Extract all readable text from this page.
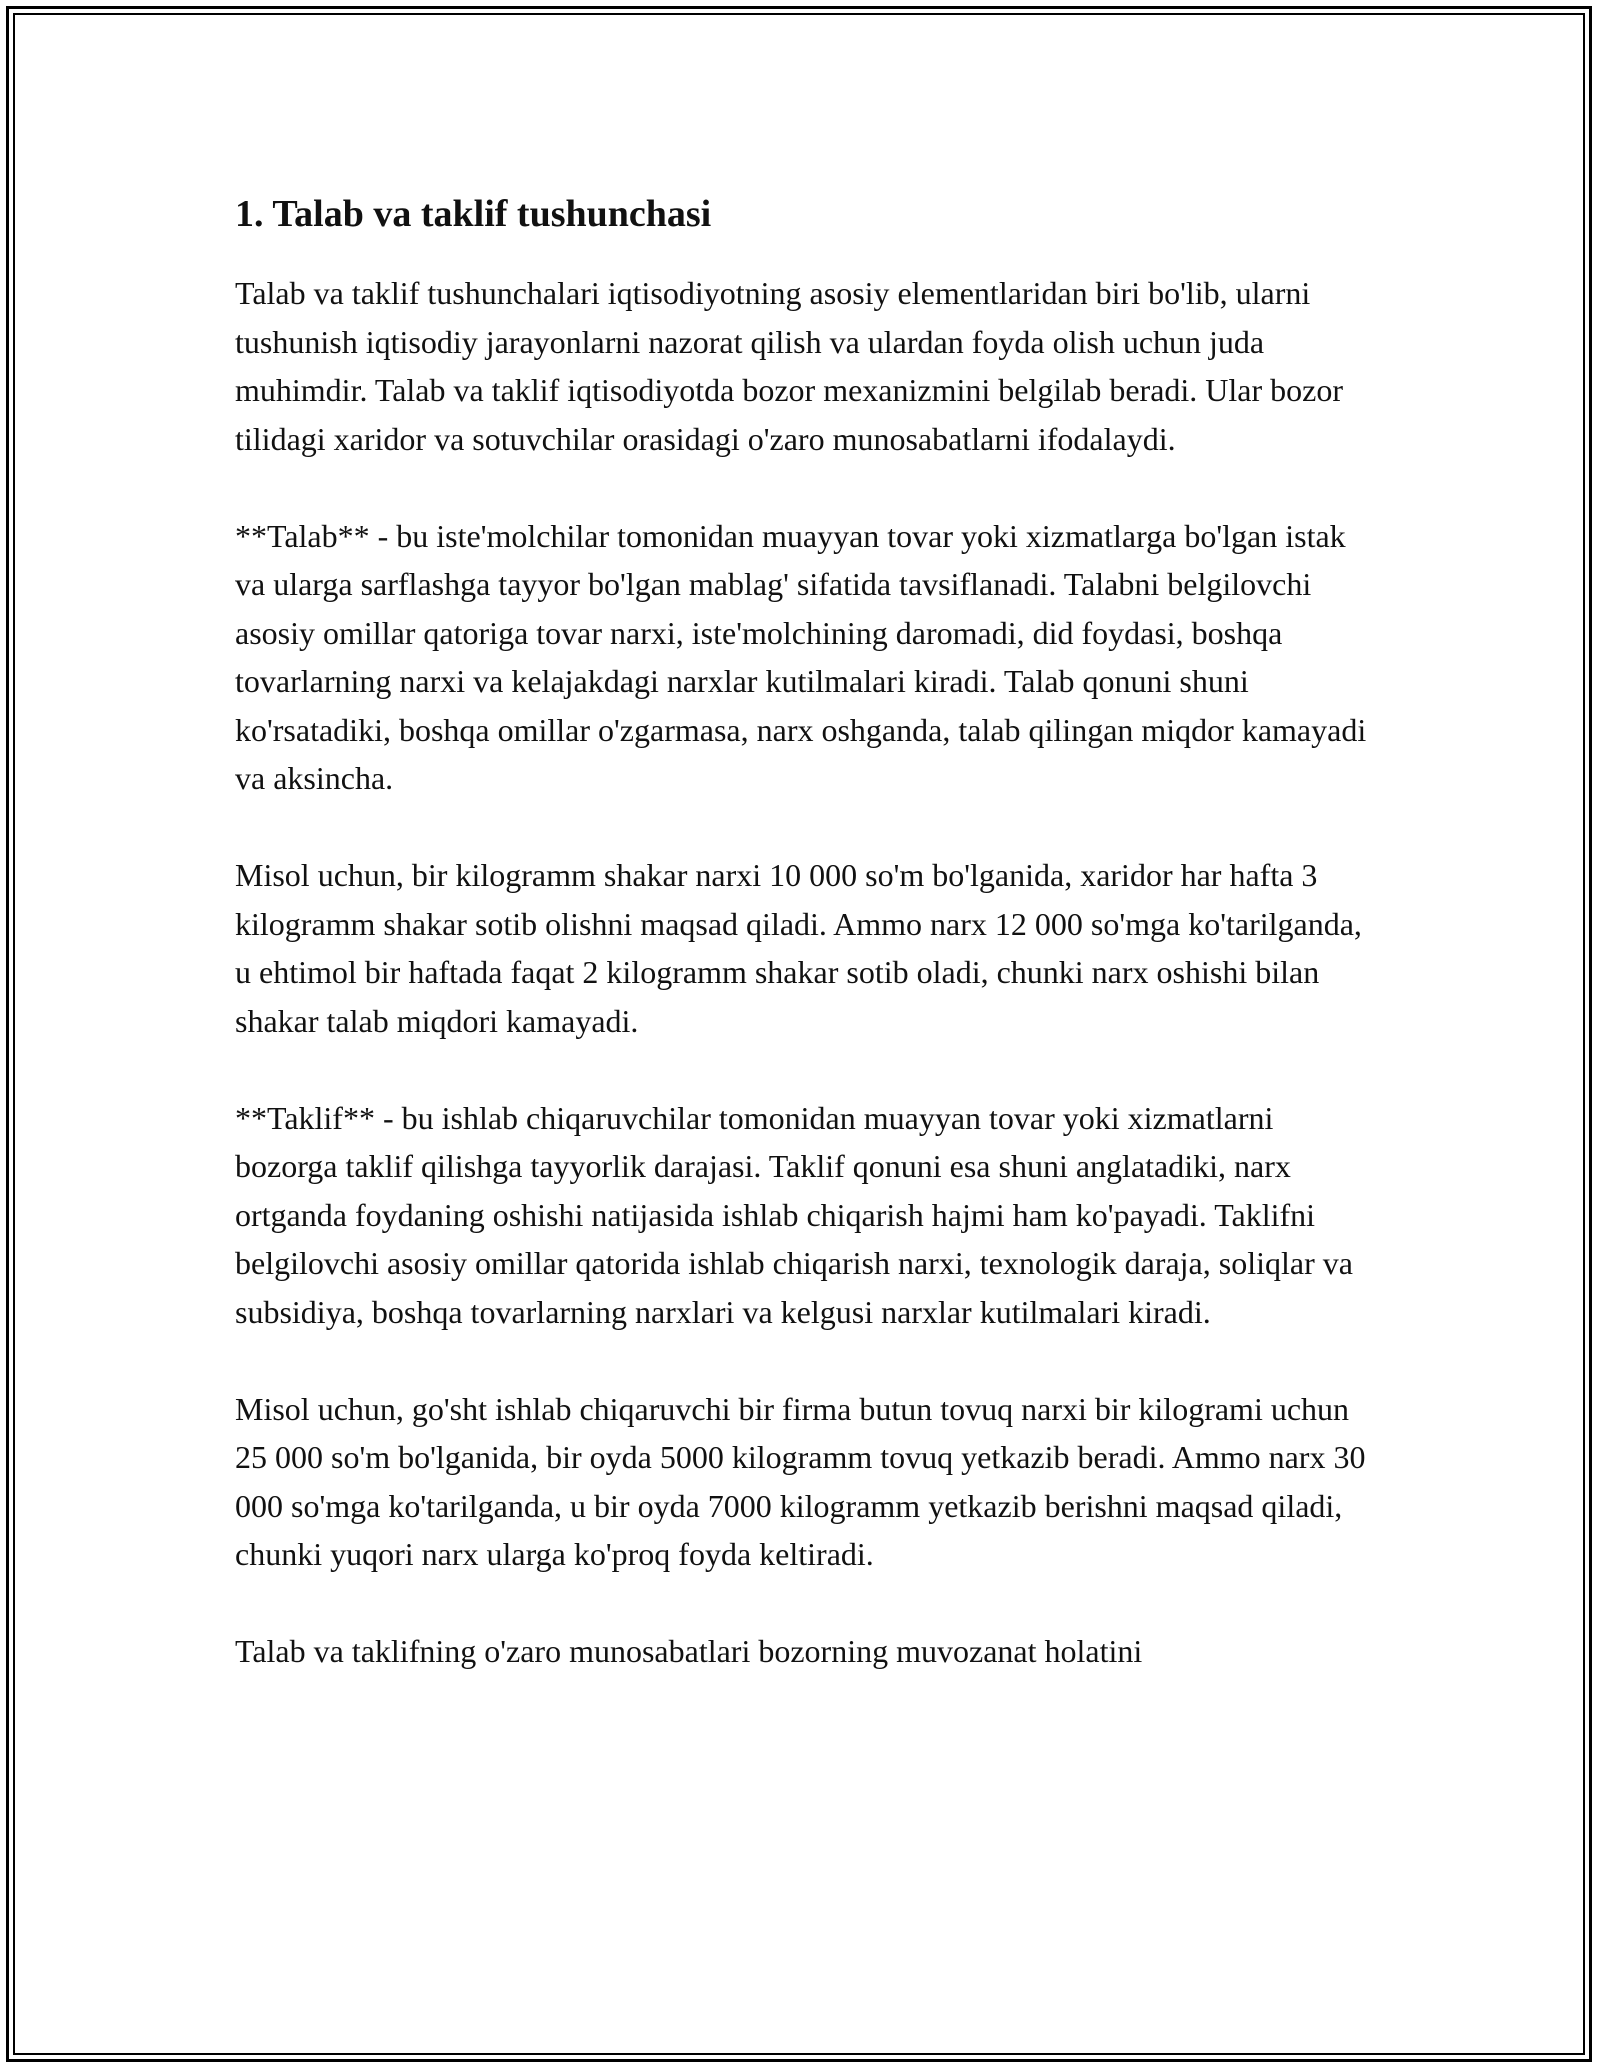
1. Talab va taklif tushunchasi

Talab va taklif tushunchalari iqtisodiyotning asosiy elementlaridan biri bo'lib, ularni tushunish iqtisodiy jarayonlarni nazorat qilish va ulardan foyda olish uchun juda muhimdir. Talab va taklif iqtisodiyotda bozor mexanizmini belgilab beradi. Ular bozor tilidagi xaridor va sotuvchilar orasidagi o'zaro munosabatlarni ifodalaydi.

**Talab** - bu iste'molchilar tomonidan muayyan tovar yoki xizmatlarga bo'lgan istak va ularga sarflashga tayyor bo'lgan mablag' sifatida tavsiflanadi. Talabni belgilovchi asosiy omillar qatoriga tovar narxi, iste'molchining daromadi, did foydasi, boshqa tovarlarning narxi va kelajakdagi narxlar kutilmalari kiradi. Talab qonuni shuni ko'rsatadiki, boshqa omillar o'zgarmasa, narx oshganda, talab qilingan miqdor kamayadi va aksincha.

Misol uchun, bir kilogramm shakar narxi 10 000 so'm bo'lganida, xaridor har hafta 3 kilogramm shakar sotib olishni maqsad qiladi. Ammo narx 12 000 so'mga ko'tarilganda, u ehtimol bir haftada faqat 2 kilogramm shakar sotib oladi, chunki narx oshishi bilan shakar talab miqdori kamayadi.

**Taklif** - bu ishlab chiqaruvchilar tomonidan muayyan tovar yoki xizmatlarni bozorga taklif qilishga tayyorlik darajasi. Taklif qonuni esa shuni anglatadiki, narx ortganda foydaning oshishi natijasida ishlab chiqarish hajmi ham ko'payadi. Taklifni belgilovchi asosiy omillar qatorida ishlab chiqarish narxi, texnologik daraja, soliqlar va subsidiya, boshqa tovarlarning narxlari va kelgusi narxlar kutilmalari kiradi.

Misol uchun, go'sht ishlab chiqaruvchi bir firma butun tovuq narxi bir kilogrami uchun 25 000 so'm bo'lganida, bir oyda 5000 kilogramm tovuq yetkazib beradi. Ammo narx 30 000 so'mga ko'tarilganda, u bir oyda 7000 kilogramm yetkazib berishni maqsad qiladi, chunki yuqori narx ularga ko'proq foyda keltiradi.

Talab va taklifning o'zaro munosabatlari bozorning muvozanat holatini
